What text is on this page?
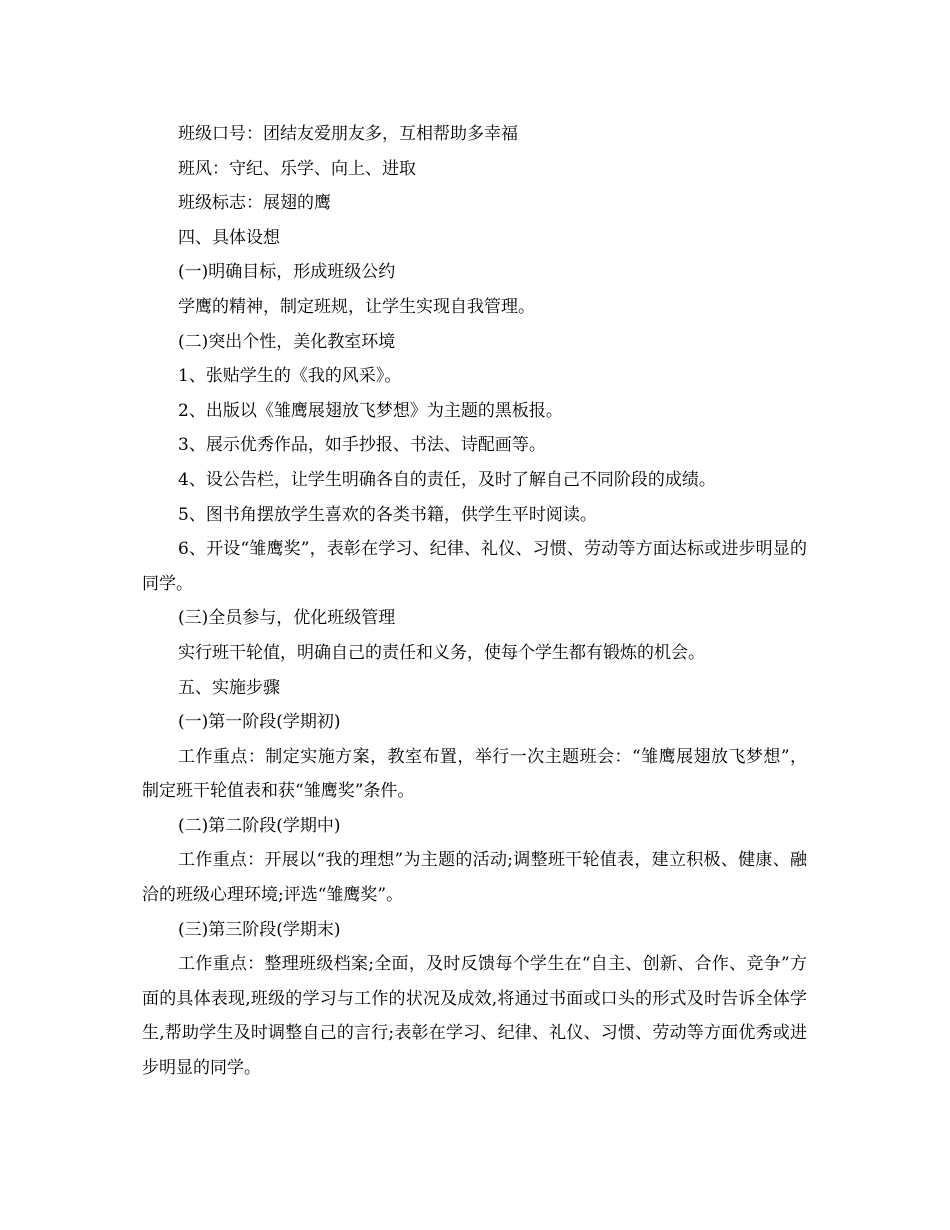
班级口号：团结友爱朋友多，互相帮助多幸福

班风：守纪、乐学、向上、进取

班级标志：展翅的鹰

四、具体设想

(一)明确目标，形成班级公约

学鹰的精神，制定班规，让学生实现自我管理。

(二)突出个性，美化教室环境

1、张贴学生的《我的风采》。

2、出版以《雏鹰展翅放飞梦想》为主题的黑板报。

3、展示优秀作品，如手抄报、书法、诗配画等。

4、设公告栏，让学生明确各自的责任，及时了解自己不同阶段的成绩。

5、图书角摆放学生喜欢的各类书籍，供学生平时阅读。

6、开设“雏鹰奖”，表彰在学习、纪律、礼仪、习惯、劳动等方面达标或进步明显的同学。

(三)全员参与，优化班级管理

实行班干轮值，明确自己的责任和义务，使每个学生都有锻炼的机会。

五、实施步骤

(一)第一阶段(学期初)

工作重点：制定实施方案，教室布置，举行一次主题班会：“雏鹰展翅放飞梦想”，制定班干轮值表和获“雏鹰奖”条件。

(二)第二阶段(学期中)

工作重点：开展以“我的理想”为主题的活动;调整班干轮值表，建立积极、健康、融洽的班级心理环境;评选“雏鹰奖”。

(三)第三阶段(学期末)

工作重点：整理班级档案;全面，及时反馈每个学生在“自主、创新、合作、竞争”方面的具体表现,班级的学习与工作的状况及成效,将通过书面或口头的形式及时告诉全体学生,帮助学生及时调整自己的言行;表彰在学习、纪律、礼仪、习惯、劳动等方面优秀或进步明显的同学。
